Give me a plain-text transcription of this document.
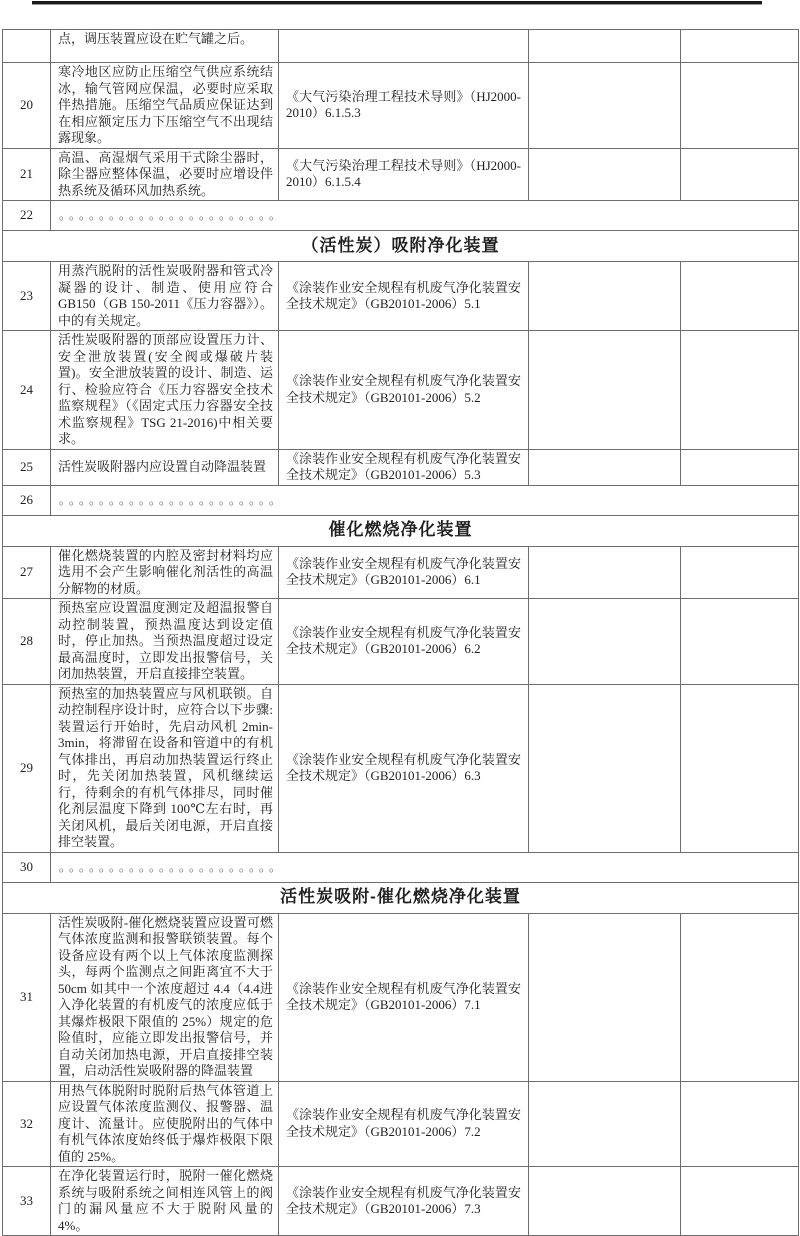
	点，调压装置应设在贮气罐之后。			
20	寒冷地区应防止压缩空气供应系统结冰，输气管网应保温，必要时应采取伴热措施。压缩空气品质应保证达到在相应额定压力下压缩空气不出现结露现象。	《大气污染治理工程技术导则》（HJ2000-2010）6.1.5.3		
21	高温、高湿烟气采用干式除尘器时，除尘器应整体保温，必要时应增设伴热系统及循环风加热系统。	《大气污染治理工程技术导则》（HJ2000-2010）6.1.5.4		
22	。。。。。。。。。。。。。。。。。。。。。。			
（活性炭）吸附净化装置				
23	用蒸汽脱附的活性炭吸附器和管式冷凝器的设计、制造、使用应符合 GB150（GB 150-2011《压力容器》）。中的有关规定。	《涂装作业安全规程有机废气净化装置安全技术规定》（GB20101-2006）5.1		
24	活性炭吸附器的顶部应设置压力计、安全泄放装置(安全阀或爆破片装置)。安全泄放装置的设计、制造、运行、检验应符合《压力容器安全技术监察规程》（《固定式压力容器安全技术监察规程》TSG 21-2016)中相关要求。	《涂装作业安全规程有机废气净化装置安全技术规定》（GB20101-2006）5.2		
25	活性炭吸附器内应设置自动降温装置	《涂装作业安全规程有机废气净化装置安全技术规定》（GB20101-2006）5.3		
26	。。。。。。。。。。。。。。。。。。。。。。			
催化燃烧净化装置				
27	催化燃烧装置的内腔及密封材料均应选用不会产生影响催化剂活性的高温分解物的材质。	《涂装作业安全规程有机废气净化装置安全技术规定》（GB20101-2006）6.1		
28	预热室应设置温度测定及超温报警自动控制装置，预热温度达到设定值时，停止加热。当预热温度超过设定最高温度时，立即发出报警信号，关闭加热装置，开启直接排空装置。	《涂装作业安全规程有机废气净化装置安全技术规定》（GB20101-2006）6.2		
29	预热室的加热装置应与风机联锁。自动控制程序设计时，应符合以下步骤:装置运行开始时，先启动风机 2min-3min，将滞留在设备和管道中的有机气体排出，再启动加热装置运行终止时，先关闭加热装置，风机继续运行，待剩余的有机气体排尽，同时催化剂层温度下降到 100℃左右时，再关闭风机，最后关闭电源，开启直接排空装置。	《涂装作业安全规程有机废气净化装置安全技术规定》（GB20101-2006）6.3		
30	。。。。。。。。。。。。。。。。。。。。。。			
活性炭吸附-催化燃烧净化装置				
31	活性炭吸附-催化燃烧装置应设置可燃气体浓度监测和报警联锁装置。每个设备应设有两个以上气体浓度监测探头，每两个监测点之间距离宜不大于 50cm 如其中一个浓度超过 4.4（4.4进入净化装置的有机废气的浓度应低于其爆炸极限下限值的 25%）规定的危险值时，应能立即发出报警信号，并自动关闭加热电源，开启直接排空装置，启动活性炭吸附器的降温装置	《涂装作业安全规程有机废气净化装置安全技术规定》（GB20101-2006）7.1		
32	用热气体脱附时脱附后热气体管道上应设置气体浓度监测仪、报警器、温度计、流量计。应使脱附出的气体中有机气体浓度始终低于爆炸极限下限值的 25%。	《涂装作业安全规程有机废气净化装置安全技术规定》（GB20101-2006）7.2		
33	在净化装置运行时，脱附一催化燃烧系统与吸附系统之间相连风管上的阀门的漏风量应不大于脱附风量的 4%。	《涂装作业安全规程有机废气净化装置安全技术规定》（GB20101-2006）7.3		
